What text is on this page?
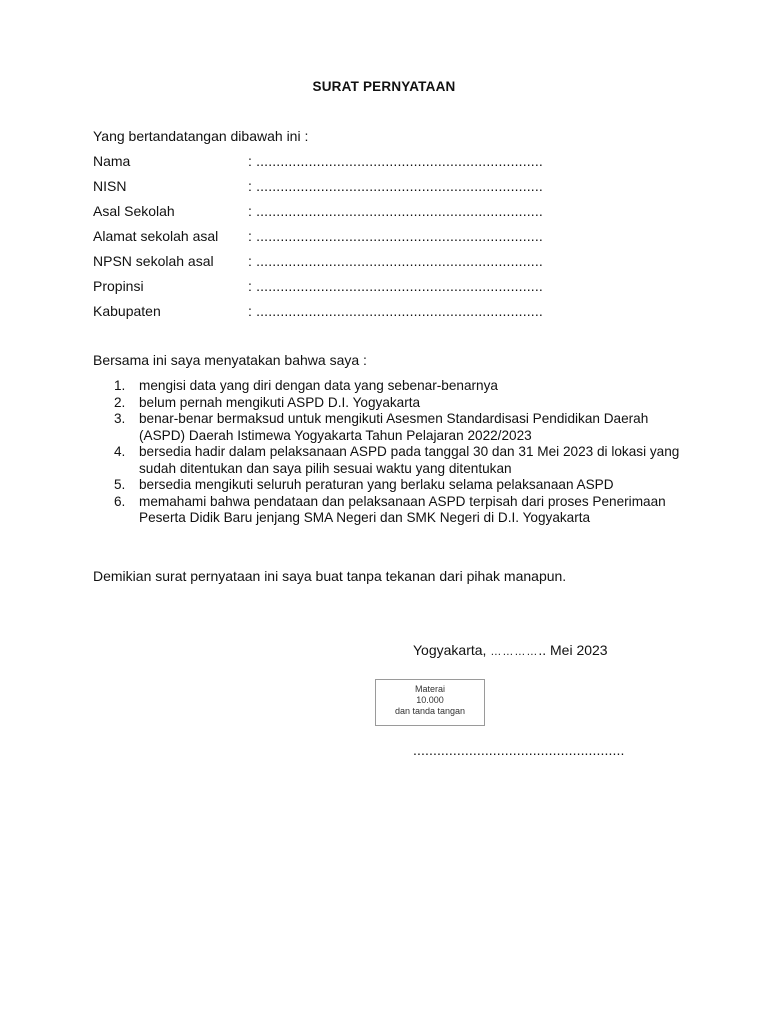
SURAT PERNYATAAN
Yang bertandatangan dibawah ini :
Nama	: .......................................................................
NISN	: .......................................................................
Asal Sekolah	: .......................................................................
Alamat sekolah asal : .......................................................................
NPSN sekolah asal : .......................................................................
Propinsi	: .......................................................................
Kabupaten	: .......................................................................
Bersama ini saya menyatakan bahwa saya :
1. mengisi data yang diri dengan data yang sebenar-benarnya
2. belum pernah mengikuti ASPD D.I. Yogyakarta
3. benar-benar bermaksud untuk mengikuti Asesmen Standardisasi Pendidikan Daerah (ASPD) Daerah Istimewa Yogyakarta Tahun Pelajaran 2022/2023
4. bersedia hadir dalam pelaksanaan ASPD pada tanggal 30 dan 31 Mei 2023 di lokasi yang sudah ditentukan dan saya pilih sesuai waktu yang ditentukan
5. bersedia mengikuti seluruh peraturan yang berlaku selama pelaksanaan ASPD
6. memahami bahwa pendataan dan pelaksanaan ASPD terpisah dari proses Penerimaan Peserta Didik Baru jenjang SMA Negeri dan SMK Negeri di D.I. Yogyakarta
Demikian surat pernyataan ini saya buat tanpa tekanan dari pihak manapun.
Yogyakarta, ………….. Mei 2023
Materai
10.000
dan tanda tangan
.....................................................
